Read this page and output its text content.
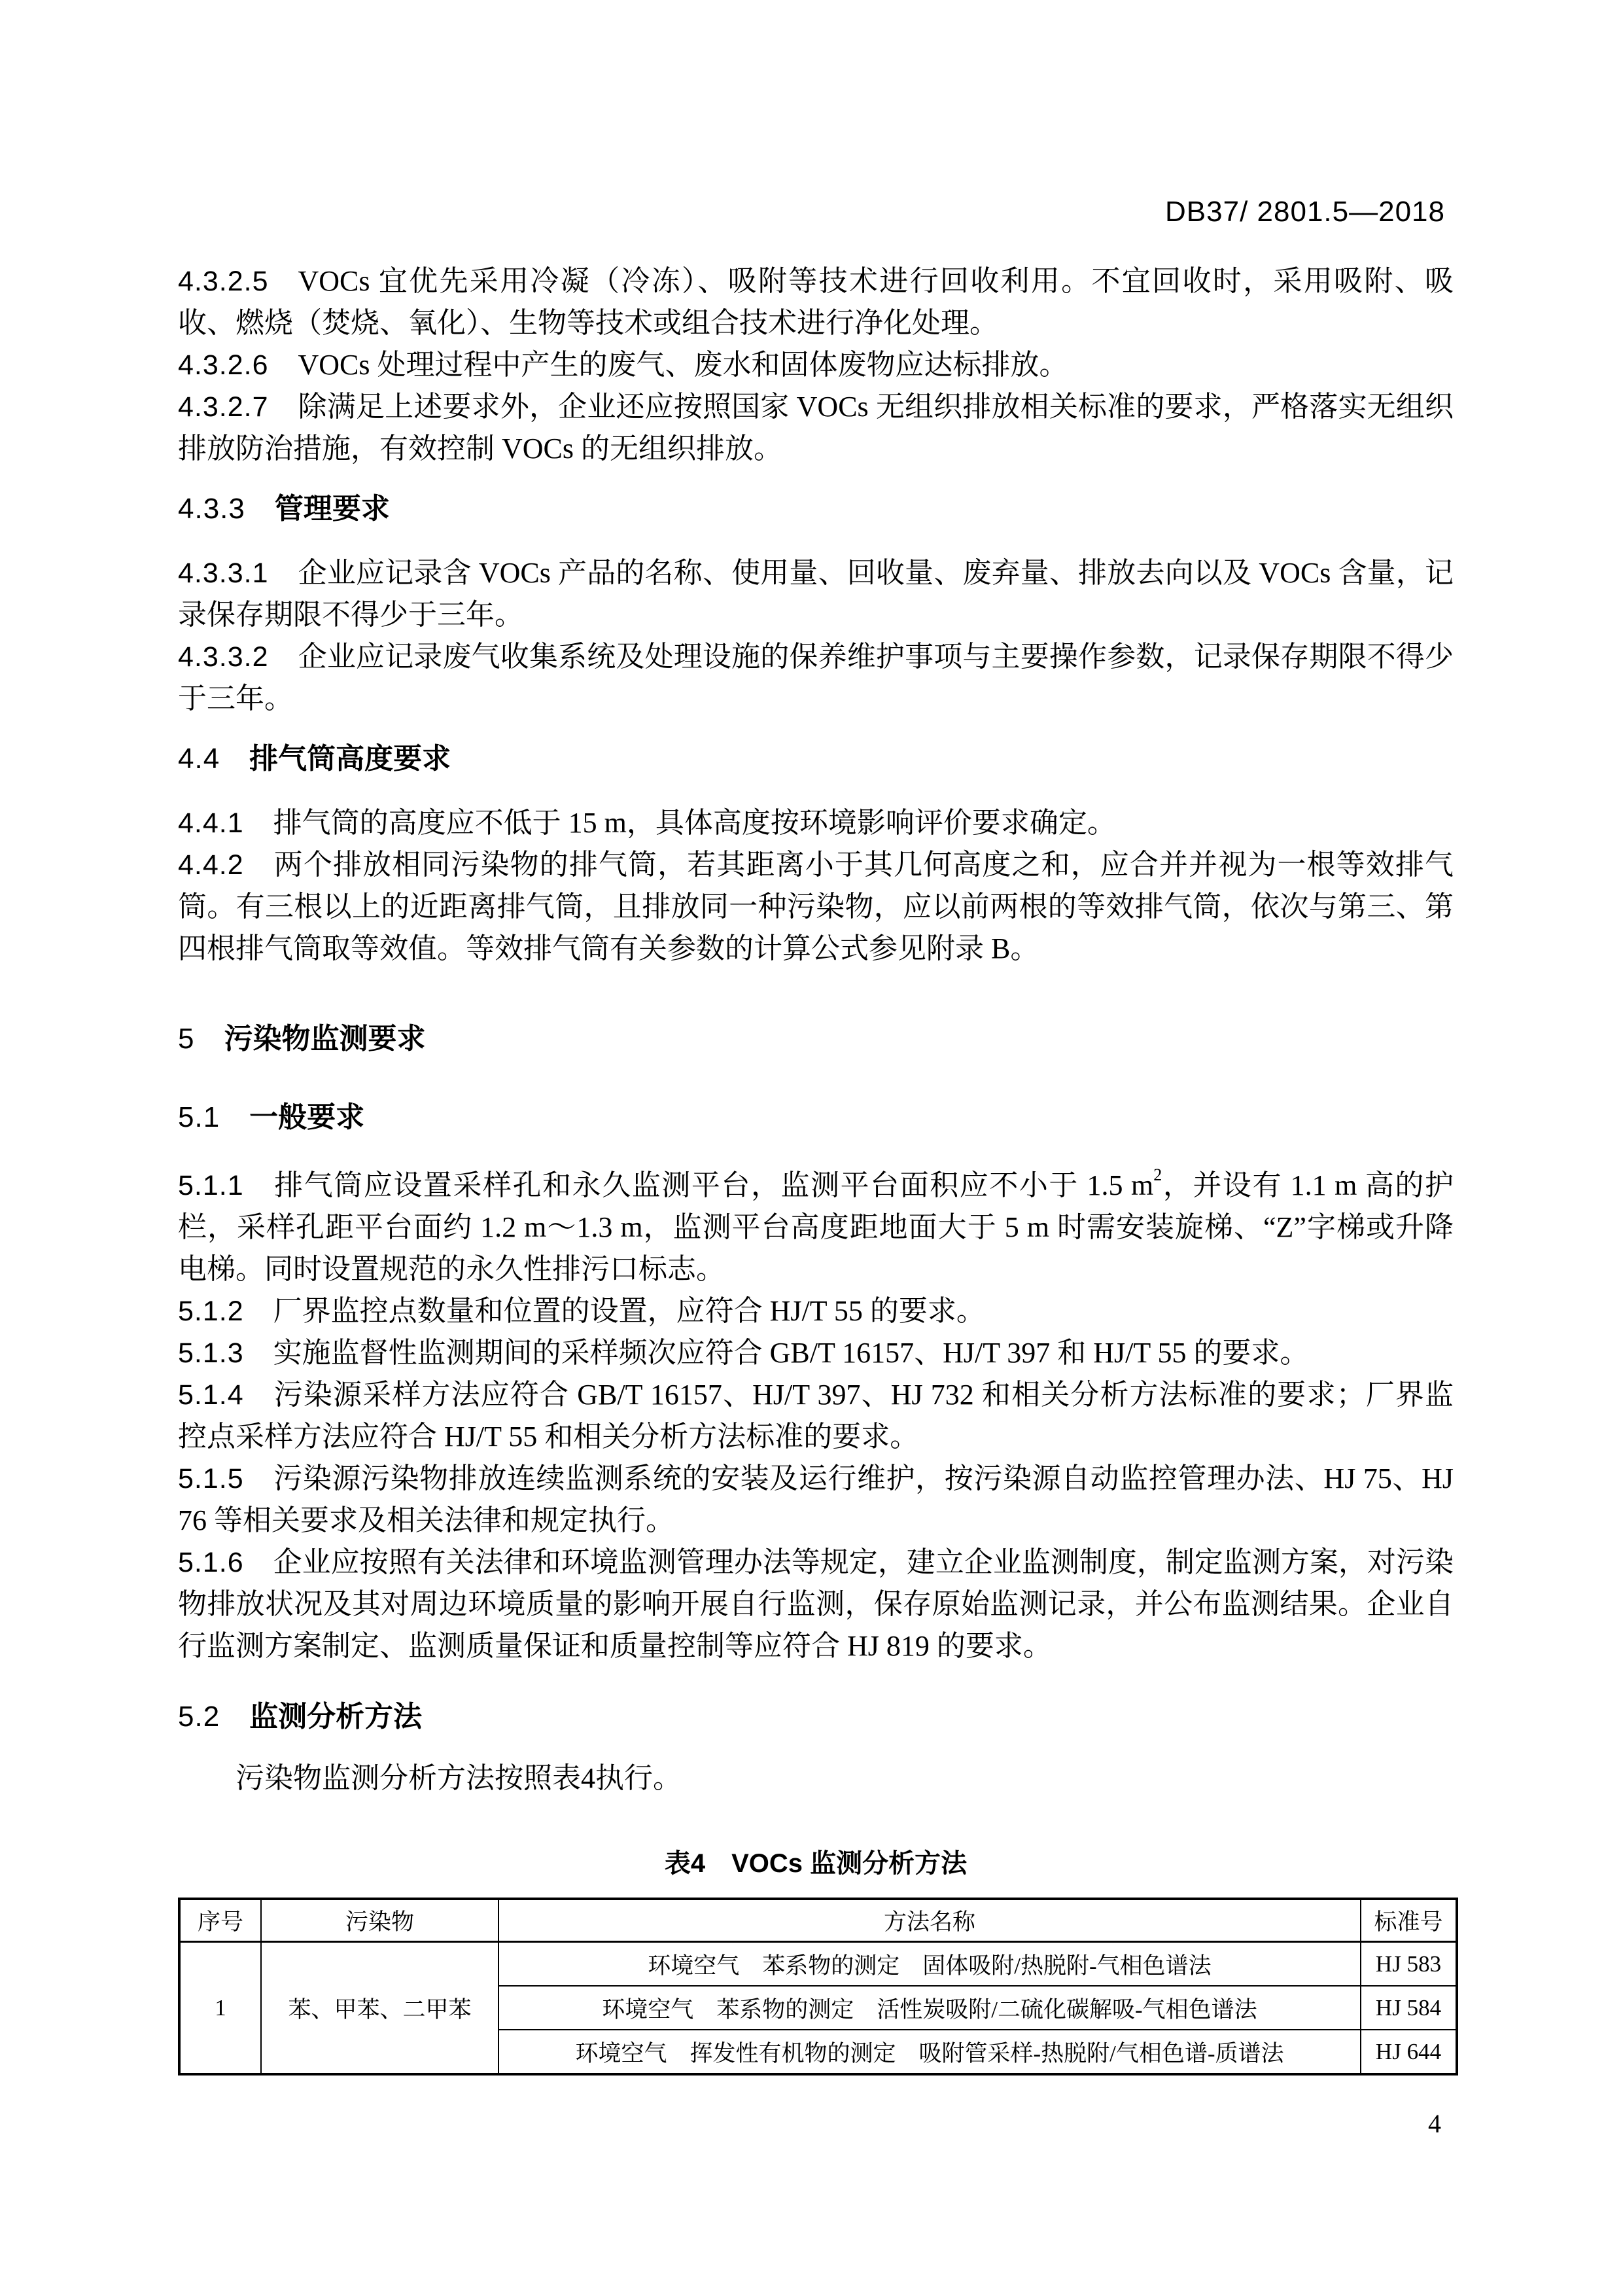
DB37/ 2801.5—2018

4.3.2.5 VOCs 宜优先采用冷凝（冷冻）、吸附等技术进行回收利用。不宜回收时，采用吸附、吸收、燃烧（焚烧、氧化）、生物等技术或组合技术进行净化处理。

4.3.2.6 VOCs 处理过程中产生的废气、废水和固体废物应达标排放。

4.3.2.7 除满足上述要求外，企业还应按照国家 VOCs 无组织排放相关标准的要求，严格落实无组织排放防治措施，有效控制 VOCs 的无组织排放。

4.3.3 管理要求

4.3.3.1 企业应记录含 VOCs 产品的名称、使用量、回收量、废弃量、排放去向以及 VOCs 含量，记录保存期限不得少于三年。

4.3.3.2 企业应记录废气收集系统及处理设施的保养维护事项与主要操作参数，记录保存期限不得少于三年。

4.4 排气筒高度要求

4.4.1 排气筒的高度应不低于 15 m，具体高度按环境影响评价要求确定。

4.4.2 两个排放相同污染物的排气筒，若其距离小于其几何高度之和，应合并并视为一根等效排气筒。有三根以上的近距离排气筒，且排放同一种污染物，应以前两根的等效排气筒，依次与第三、第四根排气筒取等效值。等效排气筒有关参数的计算公式参见附录 B。

5 污染物监测要求
5.1 一般要求

5.1.1 排气筒应设置采样孔和永久监测平台，监测平台面积应不小于 1.5 $m^2$，并设有 1.1 m 高的护栏，采样孔距平台面约 1.2 m～1.3 m，监测平台高度距地面大于 5 m 时需安装旋梯、“Z”字梯或升降电梯。同时设置规范的永久性排污口标志。

5.1.2 厂界监控点数量和位置的设置，应符合 HJ/T 55 的要求。

5.1.3 实施监督性监测期间的采样频次应符合 GB/T 16157、HJ/T 397 和 HJ/T 55 的要求。

5.1.4 污染源采样方法应符合 GB/T 16157、HJ/T 397、HJ 732 和相关分析方法标准的要求；厂界监控点采样方法应符合 HJ/T 55 和相关分析方法标准的要求。

5.1.5 污染源污染物排放连续监测系统的安装及运行维护，按污染源自动监控管理办法、HJ 75、HJ 76 等相关要求及相关法律和规定执行。

5.1.6 企业应按照有关法律和环境监测管理办法等规定，建立企业监测制度，制定监测方案，对污染物排放状况及其对周边环境质量的影响开展自行监测，保存原始监测记录，并公布监测结果。企业自行监测方案制定、监测质量保证和质量控制等应符合 HJ 819 的要求。

5.2 监测分析方法

污染物监测分析方法按照表4执行。

表4　VOCs 监测分析方法
序号	污染物	方法名称	标准号
1	苯、甲苯、二甲苯	环境空气　苯系物的测定　固体吸附/热脱附-气相色谱法	HJ 583
		环境空气　苯系物的测定　活性炭吸附/二硫化碳解吸-气相色谱法	HJ 584
		环境空气　挥发性有机物的测定　吸附管采样-热脱附/气相色谱-质谱法	HJ 644
4
